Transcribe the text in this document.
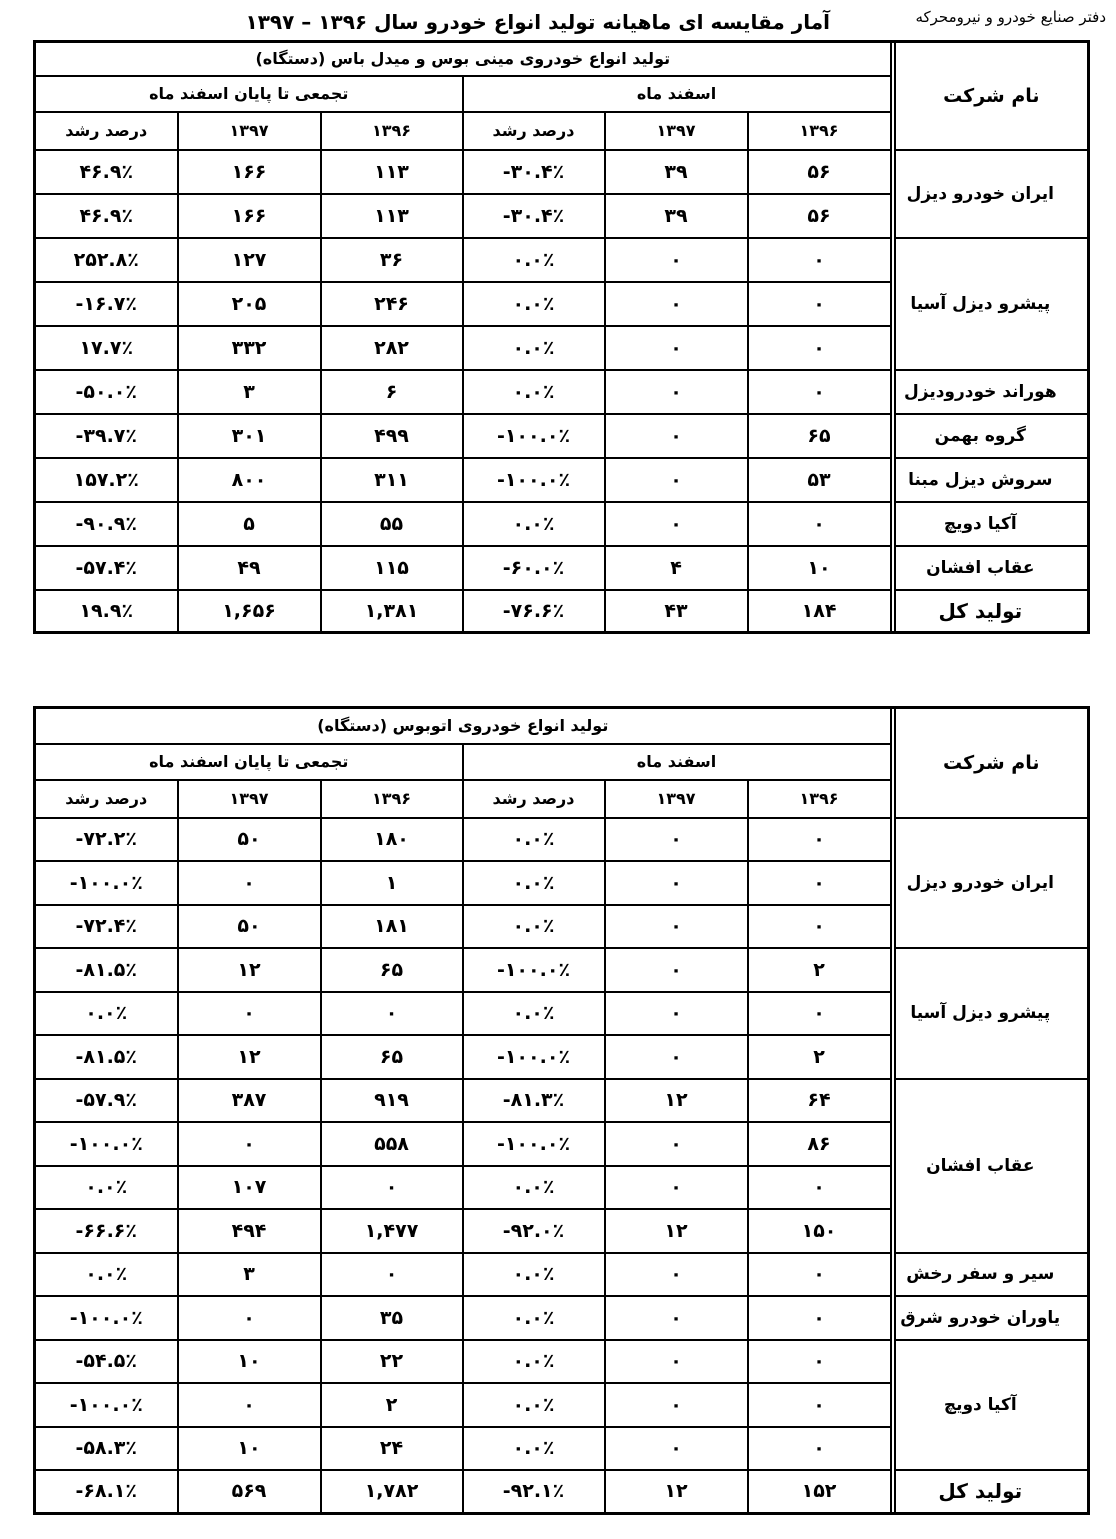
دفتر صنایع خودرو و نیرومحرکه
آمار مقایسه ای ماهیانه تولید انواع خودرو سال ۱۳۹۶ – ۱۳۹۷
تولید انواع خودروی مینی بوس و میدل باس (دستگاه)							نام شرکت
تجمعی تا پایان اسفند ماه			اسفند ماه				
درصد رشد	۱۳۹۷	۱۳۹۶	درصد رشد	۱۳۹۷	۱۳۹۶		
۴۶.۹٪	۱۶۶	۱۱۳	-۳۰.۴٪	۳۹	۵۶		ایران خودرو دیزل
۴۶.۹٪	۱۶۶	۱۱۳	-۳۰.۴٪	۳۹	۵۶		
۲۵۲.۸٪	۱۲۷	۳۶	۰.۰٪	۰	۰		پیشرو دیزل آسیا
-۱۶.۷٪	۲۰۵	۲۴۶	۰.۰٪	۰	۰		
۱۷.۷٪	۳۳۲	۲۸۲	۰.۰٪	۰	۰		
-۵۰.۰٪	۳	۶	۰.۰٪	۰	۰		هوراند خودرودیزل
-۳۹.۷٪	۳۰۱	۴۹۹	-۱۰۰.۰٪	۰	۶۵		گروه بهمن
۱۵۷.۲٪	۸۰۰	۳۱۱	-۱۰۰.۰٪	۰	۵۳		سروش دیزل مبنا
-۹۰.۹٪	۵	۵۵	۰.۰٪	۰	۰		آکیا دویچ
-۵۷.۴٪	۴۹	۱۱۵	-۶۰.۰٪	۴	۱۰		عقاب افشان
۱۹.۹٪	۱,۶۵۶	۱,۳۸۱	-۷۶.۶٪	۴۳	۱۸۴		تولید کل
تولید انواع خودروی اتوبوس (دستگاه)							نام شرکت
تجمعی تا پایان اسفند ماه			اسفند ماه				
درصد رشد	۱۳۹۷	۱۳۹۶	درصد رشد	۱۳۹۷	۱۳۹۶		
-۷۲.۲٪	۵۰	۱۸۰	۰.۰٪	۰	۰		ایران خودرو دیزل
-۱۰۰.۰٪	۰	۱	۰.۰٪	۰	۰		
-۷۲.۴٪	۵۰	۱۸۱	۰.۰٪	۰	۰		
-۸۱.۵٪	۱۲	۶۵	-۱۰۰.۰٪	۰	۲		پیشرو دیزل آسیا
۰.۰٪	۰	۰	۰.۰٪	۰	۰		
-۸۱.۵٪	۱۲	۶۵	-۱۰۰.۰٪	۰	۲		
-۵۷.۹٪	۳۸۷	۹۱۹	-۸۱.۳٪	۱۲	۶۴		عقاب افشان
-۱۰۰.۰٪	۰	۵۵۸	-۱۰۰.۰٪	۰	۸۶		
۰.۰٪	۱۰۷	۰	۰.۰٪	۰	۰		
-۶۶.۶٪	۴۹۴	۱,۴۷۷	-۹۲.۰٪	۱۲	۱۵۰		
۰.۰٪	۳	۰	۰.۰٪	۰	۰		سیر و سفر رخش
-۱۰۰.۰٪	۰	۳۵	۰.۰٪	۰	۰		یاوران خودرو شرق
-۵۴.۵٪	۱۰	۲۲	۰.۰٪	۰	۰		آکیا دویچ
-۱۰۰.۰٪	۰	۲	۰.۰٪	۰	۰		
-۵۸.۳٪	۱۰	۲۴	۰.۰٪	۰	۰		
-۶۸.۱٪	۵۶۹	۱,۷۸۲	-۹۲.۱٪	۱۲	۱۵۲		تولید کل
